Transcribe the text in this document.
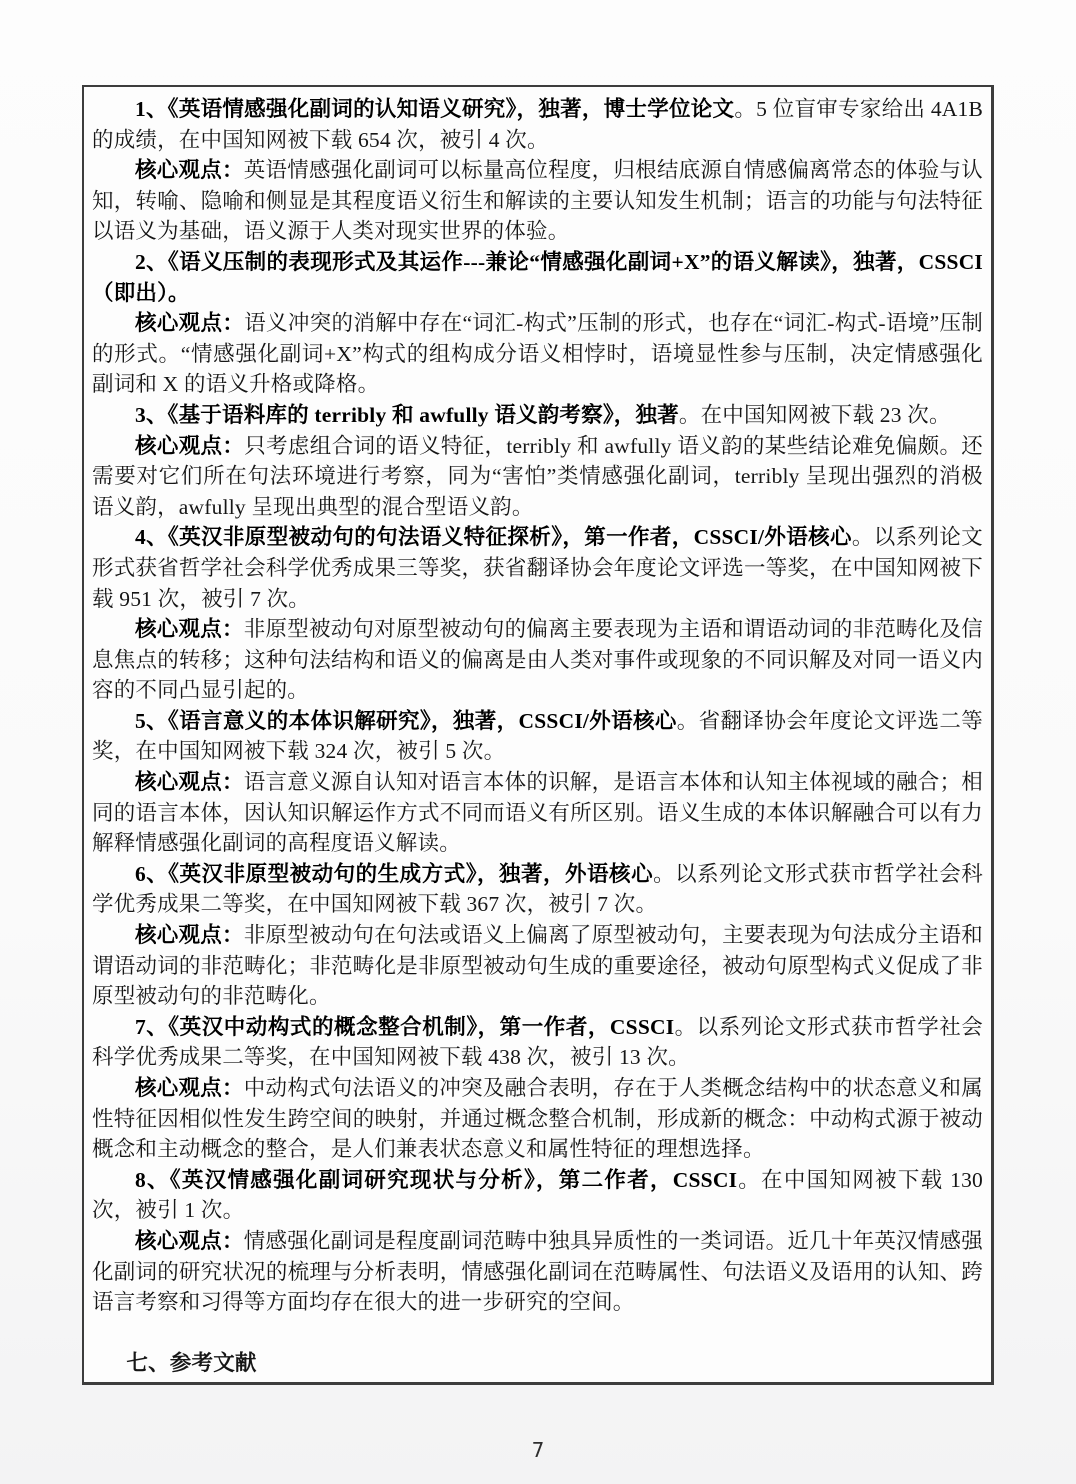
1、《英语情感强化副词的认知语义研究》，独著，博士学位论文。5 位盲审专家给出 4A1B 的成绩，在中国知网被下载 654 次，被引 4 次。

核心观点：英语情感强化副词可以标量高位程度，归根结底源自情感偏离常态的体验与认知，转喻、隐喻和侧显是其程度语义衍生和解读的主要认知发生机制；语言的功能与句法特征以语义为基础，语义源于人类对现实世界的体验。

2、《语义压制的表现形式及其运作---兼论“情感强化副词+X”的语义解读》，独著，CSSCI（即出）。

核心观点：语义冲突的消解中存在“词汇-构式”压制的形式，也存在“词汇-构式-语境”压制的形式。“情感强化副词+X”构式的组构成分语义相悖时，语境显性参与压制，决定情感强化副词和 X 的语义升格或降格。

3、《基于语料库的 terribly 和 awfully 语义韵考察》，独著。在中国知网被下载 23 次。

核心观点：只考虑组合词的语义特征，terribly 和 awfully 语义韵的某些结论难免偏颇。还需要对它们所在句法环境进行考察，同为“害怕”类情感强化副词，terribly 呈现出强烈的消极语义韵，awfully 呈现出典型的混合型语义韵。

4、《英汉非原型被动句的句法语义特征探析》，第一作者，CSSCI/外语核心。以系列论文形式获省哲学社会科学优秀成果三等奖，获省翻译协会年度论文评选一等奖，在中国知网被下载 951 次，被引 7 次。

核心观点：非原型被动句对原型被动句的偏离主要表现为主语和谓语动词的非范畴化及信息焦点的转移；这种句法结构和语义的偏离是由人类对事件或现象的不同识解及对同一语义内容的不同凸显引起的。

5、《语言意义的本体识解研究》，独著，CSSCI/外语核心。省翻译协会年度论文评选二等奖，在中国知网被下载 324 次，被引 5 次。

核心观点：语言意义源自认知对语言本体的识解，是语言本体和认知主体视域的融合；相同的语言本体，因认知识解运作方式不同而语义有所区别。语义生成的本体识解融合可以有力解释情感强化副词的高程度语义解读。

6、《英汉非原型被动句的生成方式》，独著，外语核心。以系列论文形式获市哲学社会科学优秀成果二等奖，在中国知网被下载 367 次，被引 7 次。

核心观点：非原型被动句在句法或语义上偏离了原型被动句，主要表现为句法成分主语和谓语动词的非范畴化；非范畴化是非原型被动句生成的重要途径，被动句原型构式义促成了非原型被动句的非范畴化。

7、《英汉中动构式的概念整合机制》，第一作者，CSSCI。以系列论文形式获市哲学社会科学优秀成果二等奖，在中国知网被下载 438 次，被引 13 次。

核心观点：中动构式句法语义的冲突及融合表明，存在于人类概念结构中的状态意义和属性特征因相似性发生跨空间的映射，并通过概念整合机制，形成新的概念：中动构式源于被动概念和主动概念的整合，是人们兼表状态意义和属性特征的理想选择。

8、《英汉情感强化副词研究现状与分析》，第二作者，CSSCI。在中国知网被下载 130 次，被引 1 次。

核心观点：情感强化副词是程度副词范畴中独具异质性的一类词语。近几十年英汉情感强化副词的研究状况的梳理与分析表明，情感强化副词在范畴属性、句法语义及语用的认知、跨语言考察和习得等方面均存在很大的进一步研究的空间。

七、参考文献

7
